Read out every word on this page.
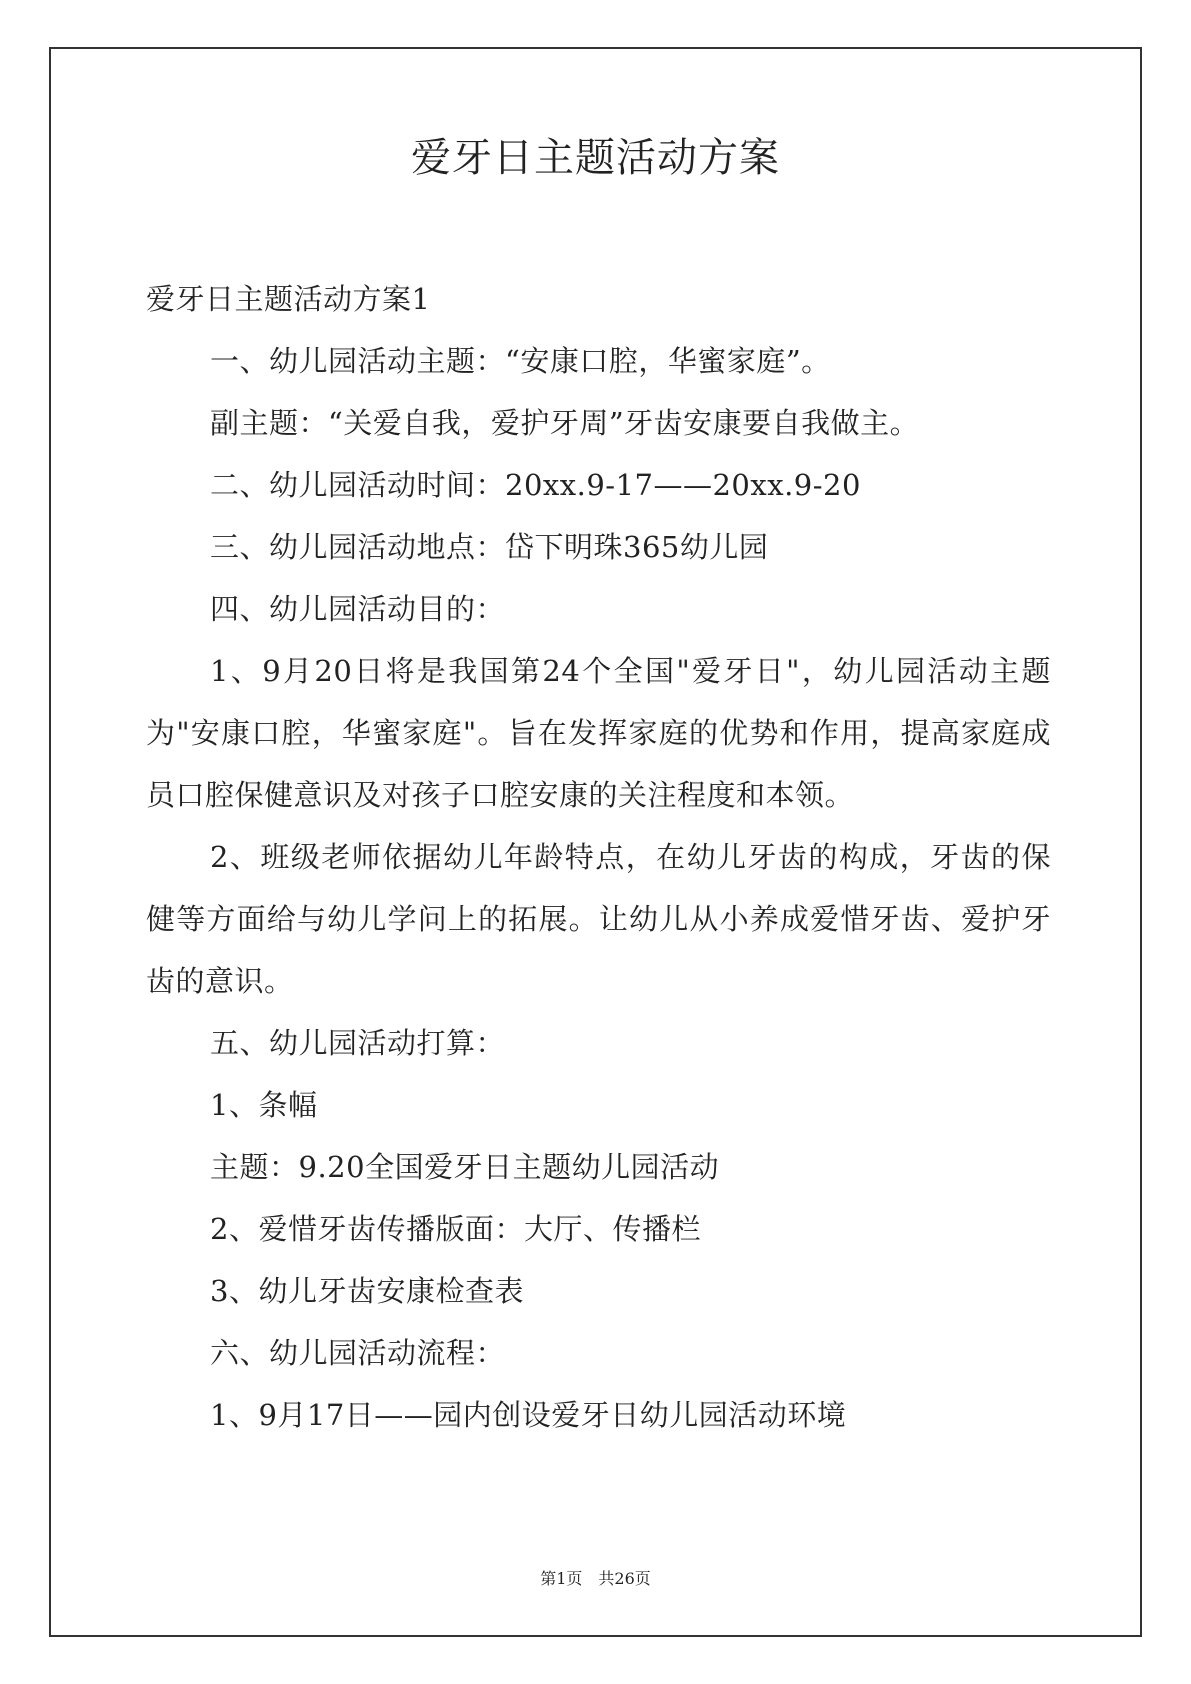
爱牙日主题活动方案

爱牙日主题活动方案1

一、幼儿园活动主题：“安康口腔，华蜜家庭”。

副主题：“关爱自我，爱护牙周”牙齿安康要自我做主。

二、幼儿园活动时间：20xx.9-17——20xx.9-20

三、幼儿园活动地点：岱下明珠365幼儿园

四、幼儿园活动目的：

1、9月20日将是我国第24个全国"爱牙日"，幼儿园活动主题为"安康口腔，华蜜家庭"。旨在发挥家庭的优势和作用，提高家庭成员口腔保健意识及对孩子口腔安康的关注程度和本领。

2、班级老师依据幼儿年龄特点，在幼儿牙齿的构成，牙齿的保健等方面给与幼儿学问上的拓展。让幼儿从小养成爱惜牙齿、爱护牙齿的意识。

五、幼儿园活动打算：

1、条幅

主题：9.20全国爱牙日主题幼儿园活动

2、爱惜牙齿传播版面：大厅、传播栏

3、幼儿牙齿安康检查表

六、幼儿园活动流程：

1、9月17日——园内创设爱牙日幼儿园活动环境

第1页 共26页
